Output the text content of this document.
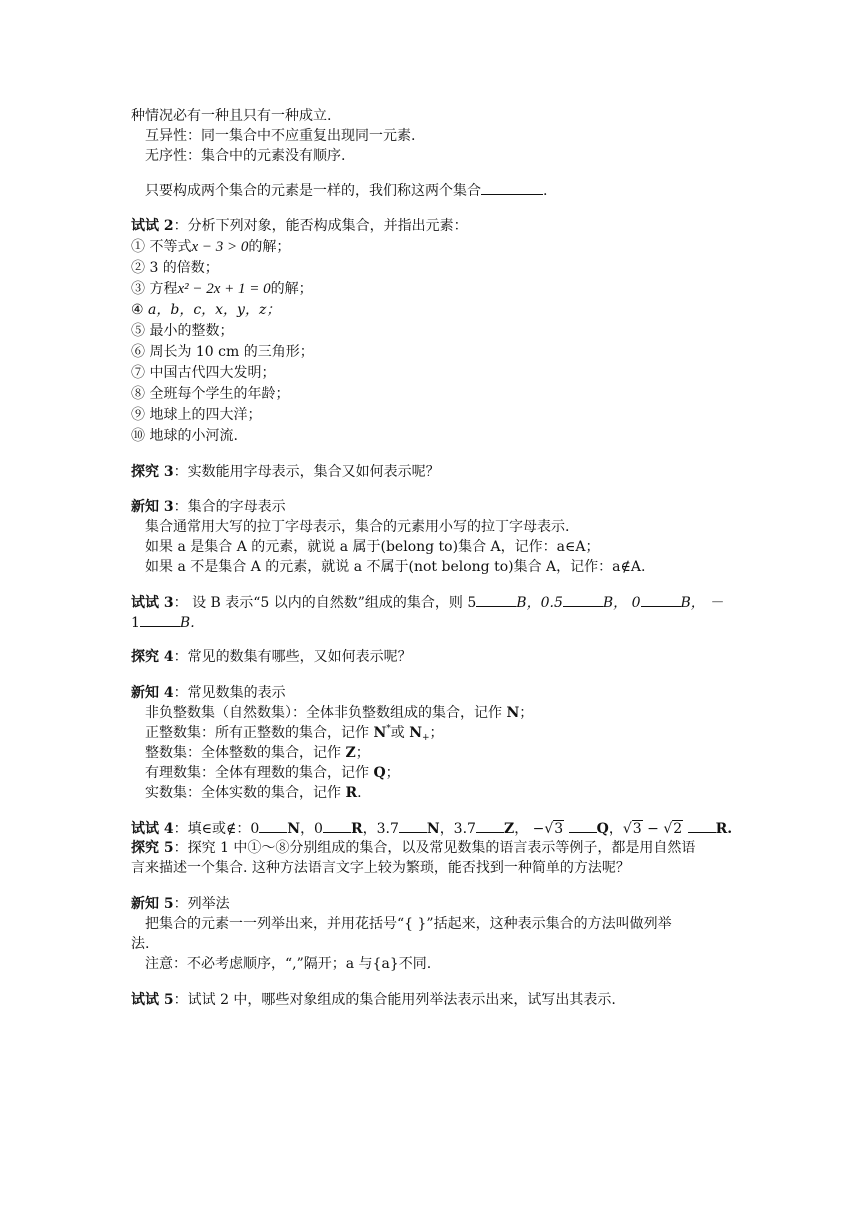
种情况必有一种且只有一种成立.
互异性：同一集合中不应重复出现同一元素.
无序性：集合中的元素没有顺序.
只要构成两个集合的元素是一样的，我们称这两个集合	.
试试 2：分析下列对象，能否构成集合，并指出元素：
① 不等式x − 3 > 0的解；
② 3 的倍数；
③ 方程x² − 2x + 1 = 0的解；
④ a，b，c，x，y，z；
⑤ 最小的整数；
⑥ 周长为 10 cm 的三角形；
⑦ 中国古代四大发明；
⑧ 全班每个学生的年龄；
⑨ 地球上的四大洋；
⑩ 地球的小河流.
探究 3：实数能用字母表示，集合又如何表示呢？
新知 3：集合的字母表示
集合通常用大写的拉丁字母表示，集合的元素用小写的拉丁字母表示.
如果 a 是集合 A 的元素，就说 a 属于(belong to)集合 A，记作：a∈A；
如果 a 不是集合 A 的元素，就说 a 不属于(not belong to)集合 A，记作：a∉A.
试试 3： 设 B 表示“5 以内的自然数”组成的集合，则 5	B，0.5	B， 0	B， －
1	B.
探究 4：常见的数集有哪些，又如何表示呢？
新知 4：常见数集的表示
非负整数集（自然数集）：全体非负整数组成的集合，记作 N；
正整数集：所有正整数的集合，记作 N*或 $N_+$；
整数集：全体整数的集合，记作 Z；
有理数集：全体有理数的集合，记作 Q；
实数集：全体实数的集合，记作 R.
试试 4：填∈或∉：0 N，0 R，3.7 N，3.7 Z， −√3 Q，√3 − √2 R.
探究 5：探究 1 中①～⑧分别组成的集合，以及常见数集的语言表示等例子，都是用自然语
言来描述一个集合. 这种方法语言文字上较为繁琐，能否找到一种简单的方法呢？
新知 5：列举法
把集合的元素一一列举出来，并用花括号“{ }”括起来，这种表示集合的方法叫做列举
法.
注意：不必考虑顺序，“,”隔开；a 与{a}不同.
试试 5：试试 2 中，哪些对象组成的集合能用列举法表示出来，试写出其表示.
